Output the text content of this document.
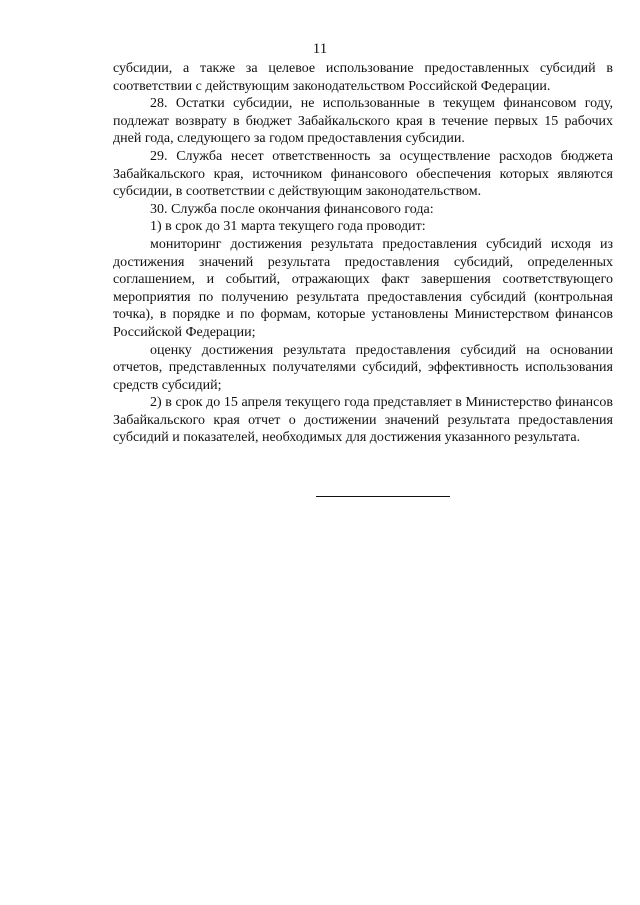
11

субсидии, а также за целевое использование предоставленных субсидий в соответствии с действующим законодательством Российской Федерации.

28. Остатки субсидии, не использованные в текущем финансовом году, подлежат возврату в бюджет Забайкальского края в течение первых 15 рабочих дней года, следующего за годом предоставления субсидии.

29. Служба несет ответственность за осуществление расходов бюджета Забайкальского края, источником финансового обеспечения которых являются субсидии, в соответствии с действующим законодательством.

30. Служба после окончания финансового года:

1) в срок до 31 марта текущего года проводит:

мониторинг достижения результата предоставления субсидий исходя из достижения значений результата предоставления субсидий, определенных соглашением, и событий, отражающих факт завершения соответствующего мероприятия по получению результата предоставления субсидий (контрольная точка), в порядке и по формам, которые установлены Министерством финансов Российской Федерации;

оценку достижения результата предоставления субсидий на основании отчетов, представленных получателями субсидий, эффективность использования средств субсидий;

2) в срок до 15 апреля текущего года представляет в Министерство финансов Забайкальского края отчет о достижении значений результата предоставления субсидий и показателей, необходимых для достижения указанного результата.
